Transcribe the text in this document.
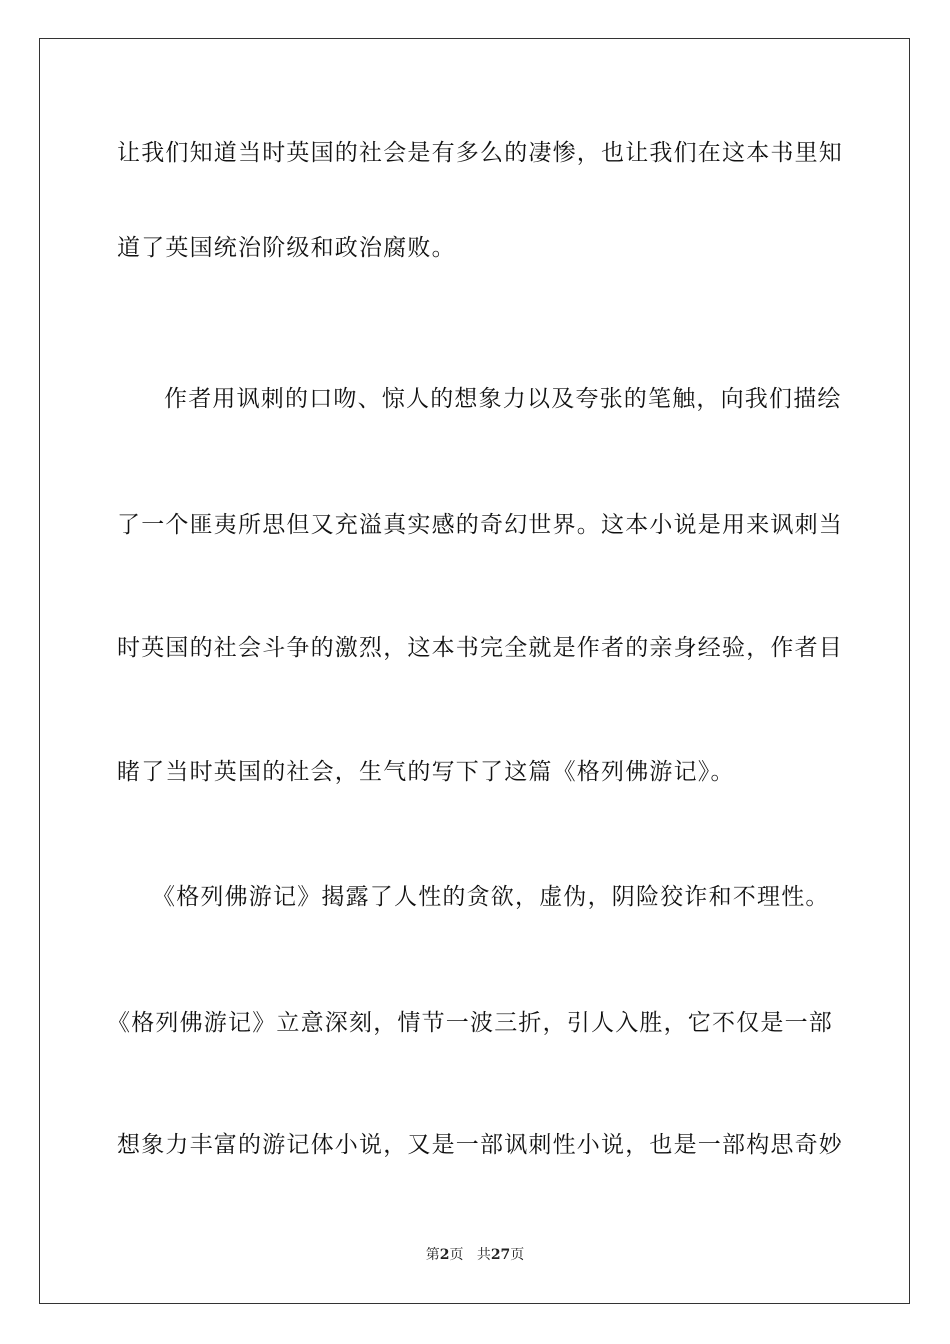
让我们知道当时英国的社会是有多么的凄惨，也让我们在这本书里知
道了英国统治阶级和政治腐败。
作者用讽刺的口吻、惊人的想象力以及夸张的笔触，向我们描绘
了一个匪夷所思但又充溢真实感的奇幻世界。这本小说是用来讽刺当
时英国的社会斗争的激烈，这本书完全就是作者的亲身经验，作者目
睹了当时英国的社会，生气的写下了这篇《格列佛游记》。
《格列佛游记》揭露了人性的贪欲，虚伪，阴险狡诈和不理性。
《格列佛游记》立意深刻，情节一波三折，引人入胜，它不仅是一部
想象力丰富的游记体小说，又是一部讽刺性小说，也是一部构思奇妙
第2页 共27页
